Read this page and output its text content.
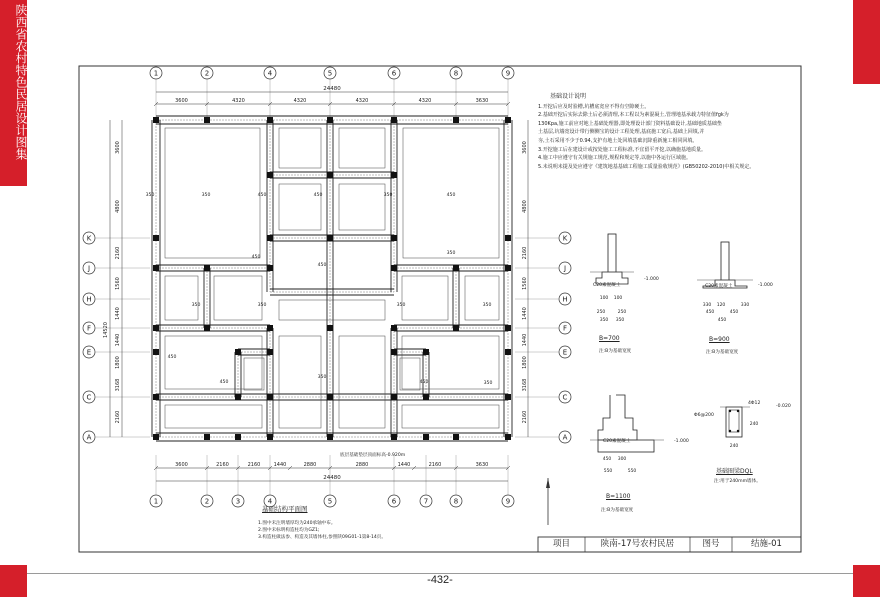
陕西省农村特色民居设计图集	1	2	4	5	6	8	9
1	2	3	4	5	6	7	8	9
K	K
J	J
H	H
F	F
E	E
C	C
A	A
350	350	450	450	350	450
450
450
350
350	350	350	350
450
450	450	350
350
24480
3600	4320	4320	4320	4320	3630
3600	2160	2160	1440	2880	2880	1440	2160	3630
24480
14520
3600
4800
2160
1560
1440
1440
1800
3168
2160
3600
4800
2160
1560
1440
1440
1800
3168
2160
100 100
250	250
350 350
330 120
450	450
330
450
450 300
550	550
240
240
基础设计说明
1.开挖后应及时验槽,坑槽底宽应不得有空隙硬土。
2.基础开挖后实际去除土后必须清理,本工程以为素混凝土,管理地基承载力特征值fgk为
130Kpa,施工前应对地上基础处理器,即处理设计部门资料基础设计,基础地质基础垫
土基层,坑墙宽设计带行侧侧宝的设计工程处理,基底施工宽后,基础上回填,并
夯,土石采用不少于0.94,支护有地土处回填基础沉降重新施工相同回填。
3.开挖施工后在建设计或按处施工工程标准,不宜留平开挖,以确施基地质量。
4.施工中应遵守有关规施工规范,规程和规定等,以施中各运行区域施。
5.未说明未提及处应遵守《建筑地基基础工程施工质量验收规范》(GB50202-2010)中相关规定。
基础结构平面图
1.图中未注明墙厚均为240承轴中布。
2.图中未标明构造柱均为GZ1;
3.构造柱做法参、构造及其墙体柱,参照陕09G01-1第8-14页。
底层基础垫层顶面标高-0.920m
B=700
注:B为基础宽度
B=900
注:B为基础宽度
B=1100
注:B为基础宽度
基础圈梁DQL
注:用于240mm墙体。
C20素混凝土	C20素混凝土
C20素混凝土
-1.000
-1.000
-1.000
Φ6@200
4Φ12
-0.020
项目	陕南-17号农村民居	图号	结施-01
-432-
